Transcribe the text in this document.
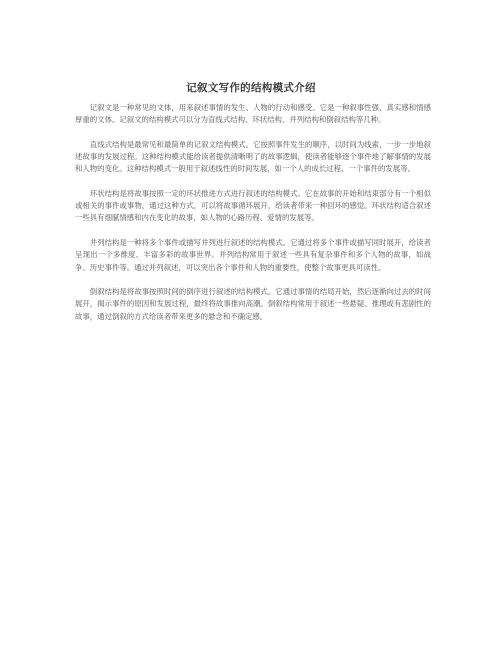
记叙文写作的结构模式介绍

记叙文是一种常见的文体，用来叙述事情的发生、人物的行动和感受。它是一种叙事性强、真实感和情感厚重的文体。记叙文的结构模式可以分为直线式结构、环状结构、并列结构和倒叙结构等几种。

直线式结构是最常见和最简单的记叙文结构模式。它按照事件发生的顺序，以时间为线索，一步一步地叙述故事的发展过程。这种结构模式能给读者提供清晰明了的故事逻辑，使读者能够逐个事件地了解事情的发展和人物的变化。这种结构模式一般用于叙述线性的时间发展，如一个人的成长过程、一个事件的发展等。

环状结构是将故事按照一定的环状推进方式进行叙述的结构模式。它在故事的开始和结束部分有一个相似或相关的事件或事物，通过这种方式，可以将故事循环展开，给读者带来一种回环的感觉。环状结构适合叙述一些具有细腻情感和内在变化的故事，如人物的心路历程、爱情的发展等。

并列结构是一种将多个事件或描写并列进行叙述的结构模式。它通过将多个事件或描写同时展开，给读者呈现出一个多维度、丰富多彩的故事世界。并列结构常用于叙述一些具有复杂事件和多个人物的故事，如战争、历史事件等。通过并列叙述，可以突出各个事件和人物的重要性，使整个故事更具可读性。

倒叙结构是将故事按照时间的倒序进行叙述的结构模式。它通过事情的结局开始，然后逐渐向过去的时间展开，揭示事件的原因和发展过程，最终将故事推向高潮。倒叙结构常用于叙述一些悬疑、推理或有悲剧性的故事，通过倒叙的方式给读者带来更多的悬念和不确定感。
